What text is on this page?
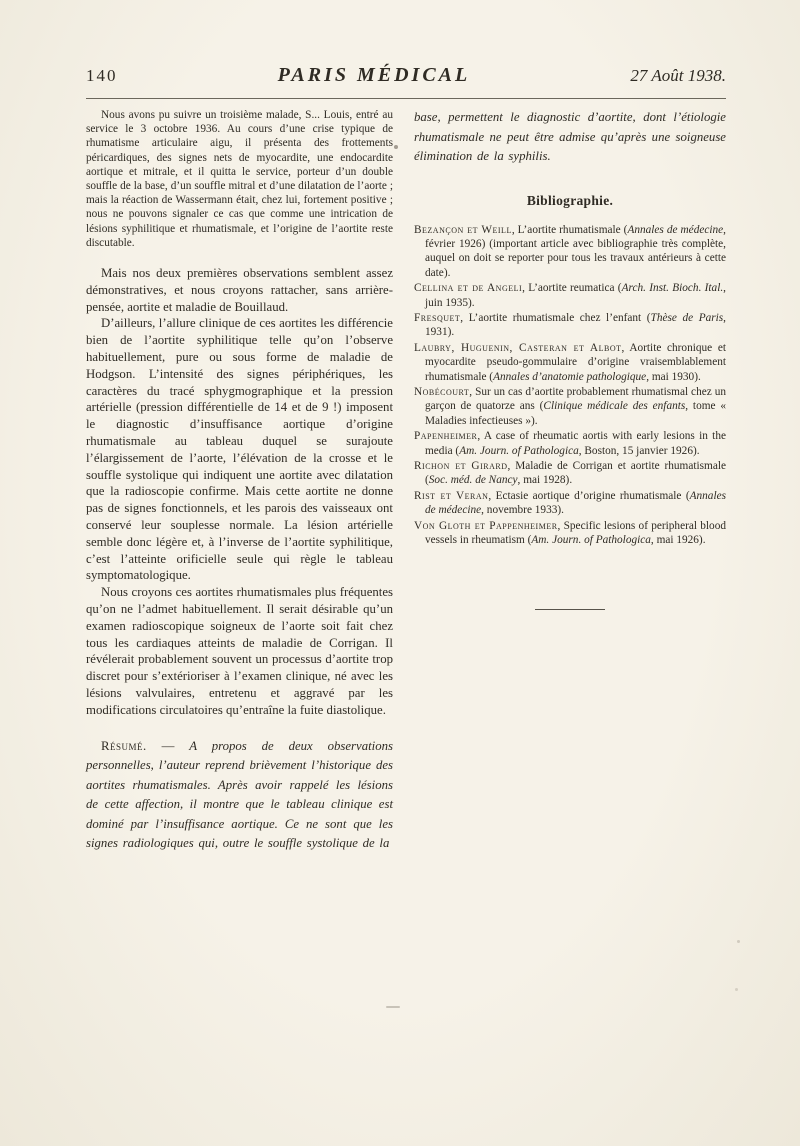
140	PARIS MÉDICAL	27 Août 1938.

Nous avons pu suivre un troisième malade, S... Louis, entré au service le 3 octobre 1936. Au cours d’une crise typique de rhumatisme articulaire aigu, il présenta des frottements péricardiques, des signes nets de myocardite, une endocardite aortique et mitrale, et il quitta le service, porteur d’un double souffle de la base, d’un souffle mitral et d’une dilatation de l’aorte ; mais la réaction de Wassermann était, chez lui, fortement positive ; nous ne pouvons signaler ce cas que comme une intrication de lésions syphilitique et rhumatismale, et l’origine de l’aortite reste discutable.

Mais nos deux premières observations semblent assez démonstratives, et nous croyons rattacher, sans arrière-pensée, aortite et maladie de Bouillaud.

D’ailleurs, l’allure clinique de ces aortites les différencie bien de l’aortite syphilitique telle qu’on l’observe habituellement, pure ou sous forme de maladie de Hodgson. L’intensité des signes périphériques, les caractères du tracé sphygmographique et la pression artérielle (pression différentielle de 14 et de 9 !) imposent le diagnostic d’insuffisance aortique d’origine rhumatismale au tableau duquel se surajoute l’élargissement de l’aorte, l’élévation de la crosse et le souffle systolique qui indiquent une aortite avec dilatation que la radioscopie confirme. Mais cette aortite ne donne pas de signes fonctionnels, et les parois des vaisseaux ont conservé leur souplesse normale. La lésion artérielle semble donc légère et, à l’inverse de l’aortite syphilitique, c’est l’atteinte orificielle seule qui règle le tableau symptomatologique.

Nous croyons ces aortites rhumatismales plus fréquentes qu’on ne l’admet habituellement. Il serait désirable qu’un examen radioscopique soigneux de l’aorte soit fait chez tous les cardiaques atteints de maladie de Corrigan. Il révélerait probablement souvent un processus d’aortite trop discret pour s’extérioriser à l’examen clinique, né avec les lésions valvulaires, entretenu et aggravé par les modifications circulatoires qu’entraîne la fuite diastolique.

Résumé. — A propos de deux observations personnelles, l’auteur reprend brièvement l’historique des aortites rhumatismales. Après avoir rappelé les lésions de cette affection, il montre que le tableau clinique est dominé par l’insuffisance aortique. Ce ne sont que les signes radiologiques qui, outre le souffle systolique de la

base, permettent le diagnostic d’aortite, dont l’étiologie rhumatismale ne peut être admise qu’après une soigneuse élimination de la syphilis.

Bibliographie.

Bezançon et Weill, L’aortite rhumatismale (Annales de médecine, février 1926) (important article avec bibliographie très complète, auquel on doit se reporter pour tous les travaux antérieurs à cette date).

Cellina et de Angeli, L’aortite reumatica (Arch. Inst. Bioch. Ital., juin 1935).

Fresquet, L’aortite rhumatismale chez l’enfant (Thèse de Paris, 1931).

Laubry, Huguenin, Casteran et Albot, Aortite chronique et myocardite pseudo-gommulaire d’origine vraisemblablement rhumatismale (Annales d’anatomie pathologique, mai 1930).

Nobécourt, Sur un cas d’aortite probablement rhumatismal chez un garçon de quatorze ans (Clinique médicale des enfants, tome « Maladies infectieuses »).

Papenheimer, A case of rheumatic aortis with early lesions in the media (Am. Journ. of Pathologica, Boston, 15 janvier 1926).

Richon et Girard, Maladie de Corrigan et aortite rhumatismale (Soc. méd. de Nancy, mai 1928).

Rist et Veran, Ectasie aortique d’origine rhumatismale (Annales de médecine, novembre 1933).

Von Gloth et Pappenheimer, Specific lesions of peripheral blood vessels in rheumatism (Am. Journ. of Pathologica, mai 1926).
